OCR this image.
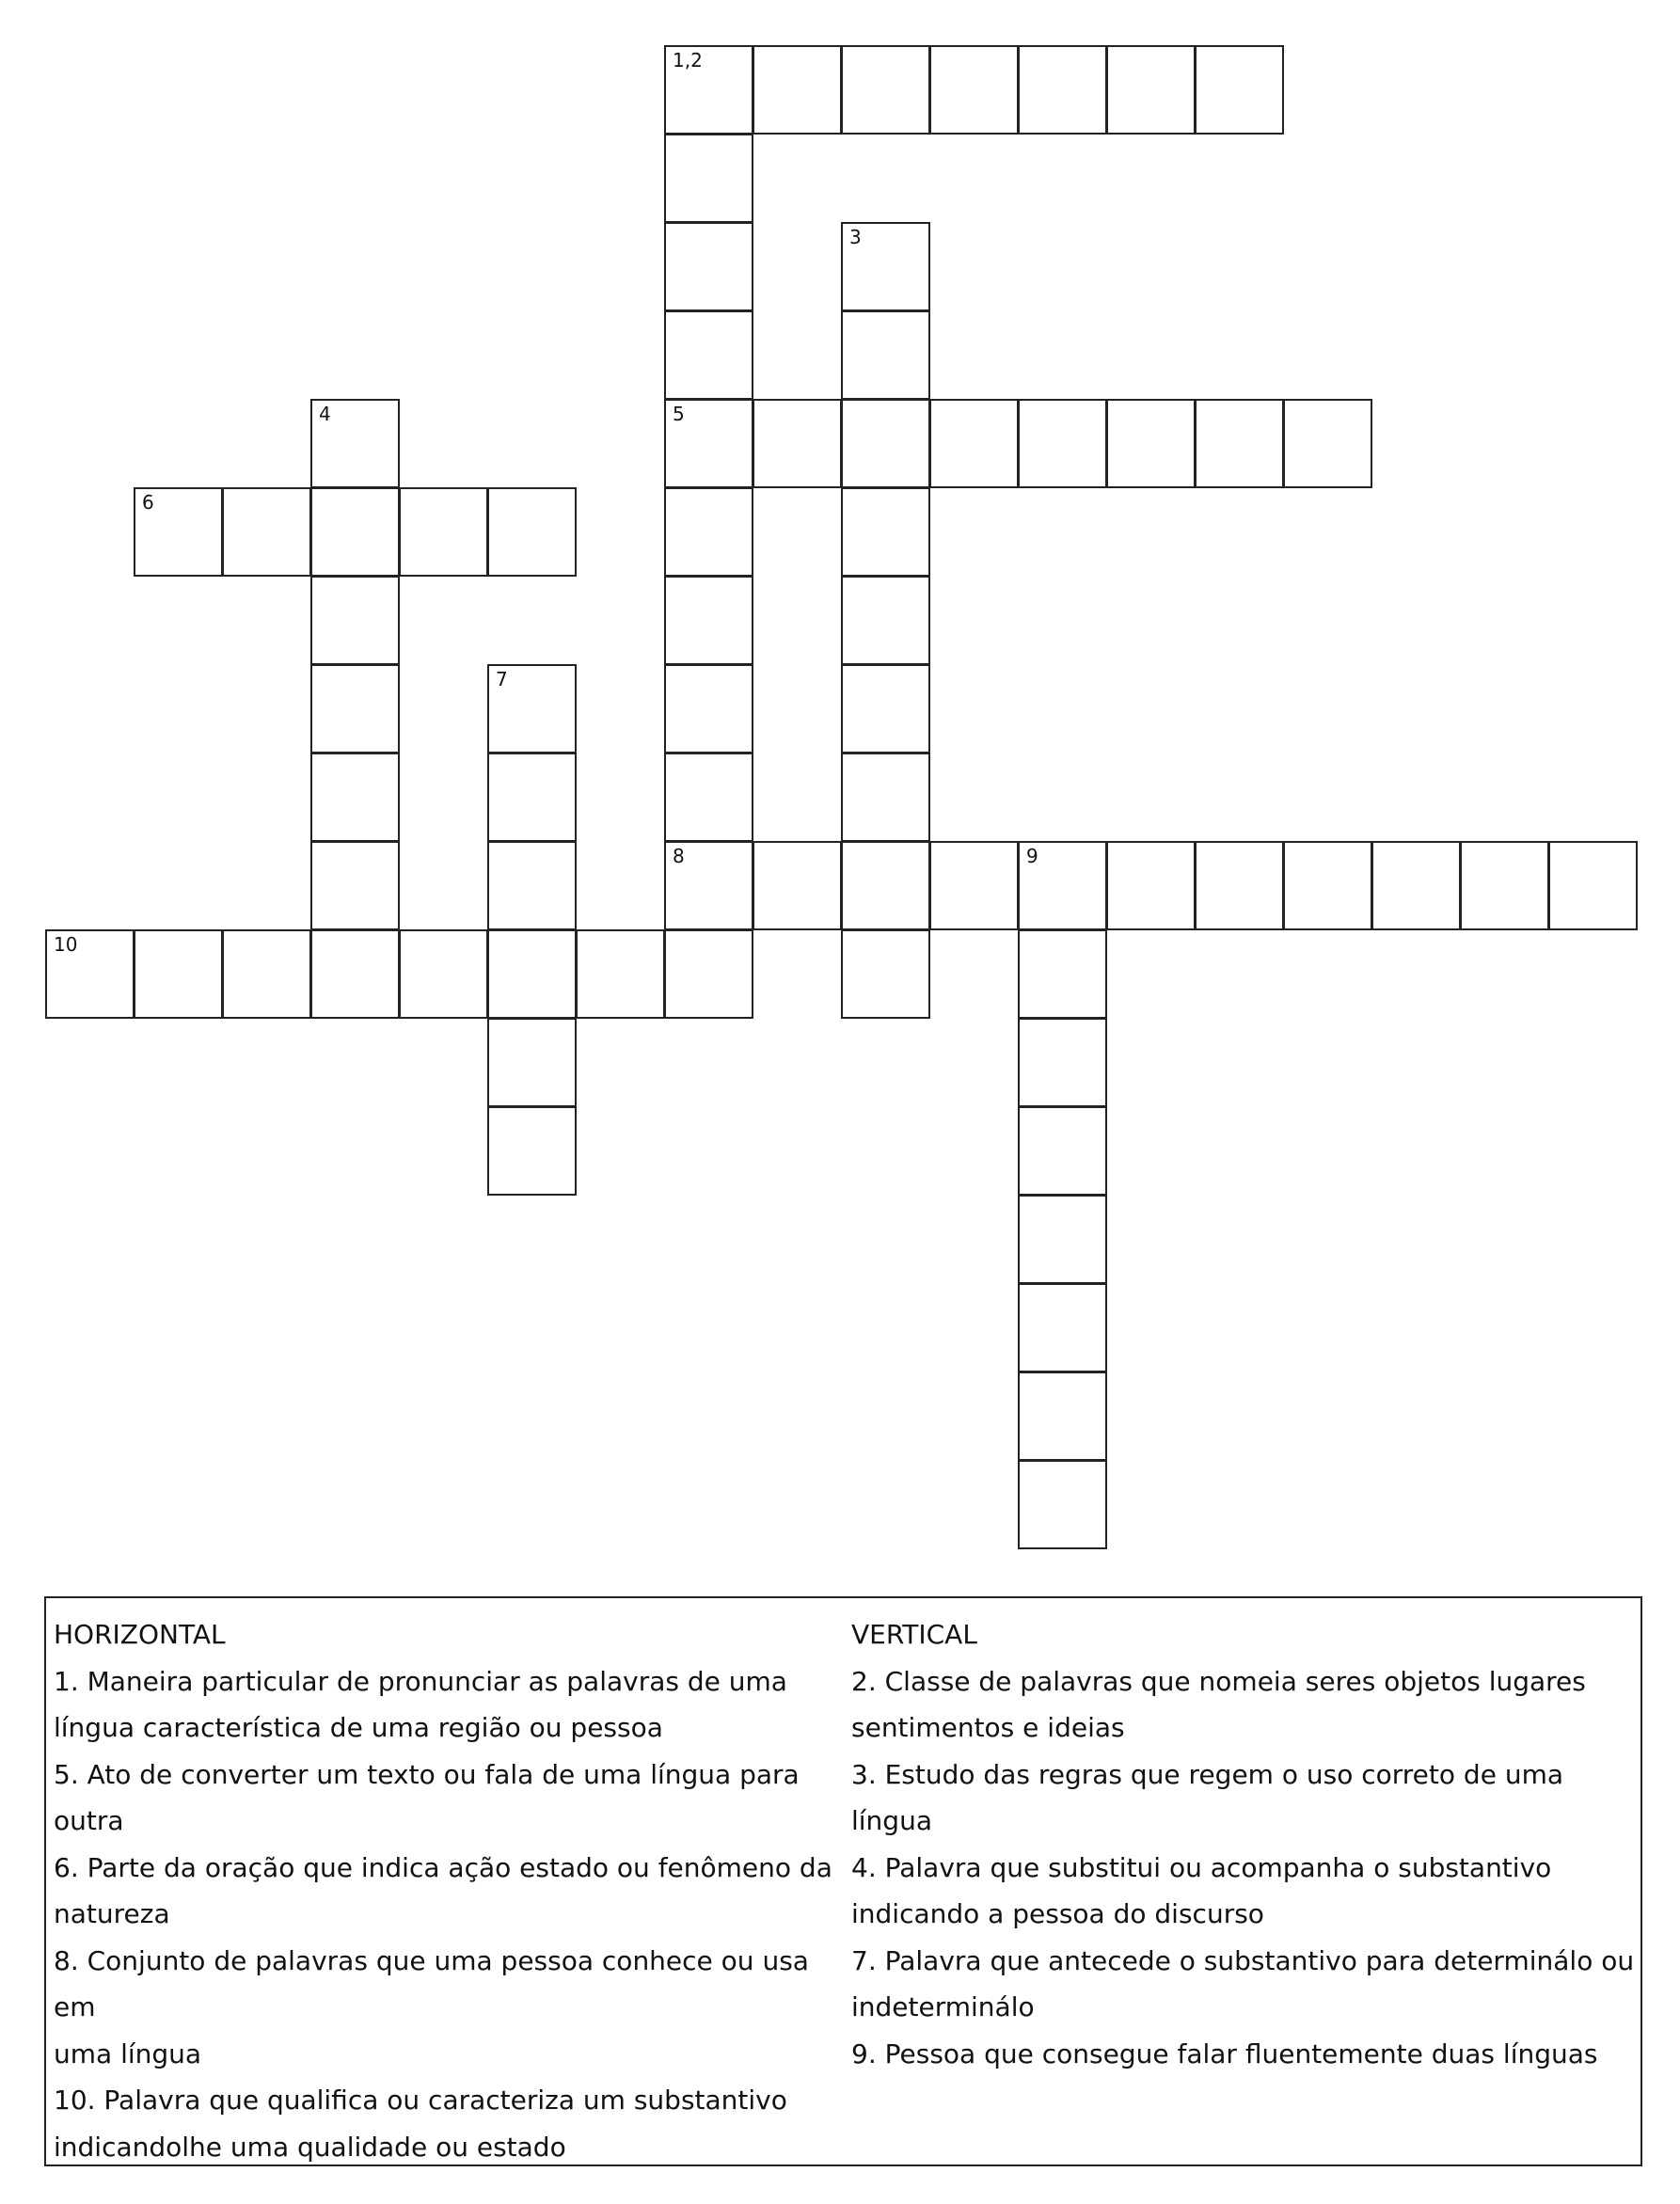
1,2
5
8
3
4
6
7
9
10
HORIZONTAL
1. Maneira particular de pronunciar as palavras de uma
língua característica de uma região ou pessoa
5. Ato de converter um texto ou fala de uma língua para
outra
6. Parte da oração que indica ação estado ou fenômeno da
natureza
8. Conjunto de palavras que uma pessoa conhece ou usa em
uma língua
10. Palavra que qualifica ou caracteriza um substantivo
indicandolhe uma qualidade ou estado
VERTICAL
2. Classe de palavras que nomeia seres objetos lugares
sentimentos e ideias
3. Estudo das regras que regem o uso correto de uma língua
4. Palavra que substitui ou acompanha o substantivo
indicando a pessoa do discurso
7. Palavra que antecede o substantivo para determinálo ou
indeterminálo
9. Pessoa que consegue falar fluentemente duas línguas
